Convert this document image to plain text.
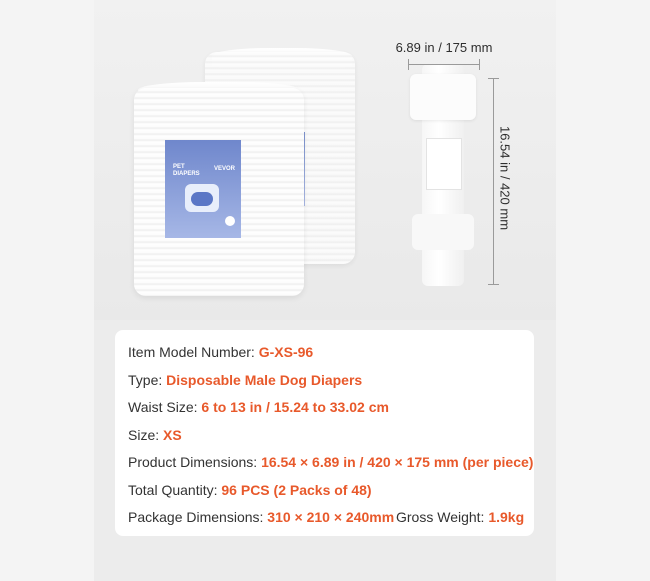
PET
DIAPERS
VEVOR
6.89 in / 175 mm
16.54 in / 420 mm
Item Model Number: G-XS-96
Type: Disposable Male Dog Diapers
Waist Size: 6 to 13 in / 15.24 to 33.02 cm
Size: XS
Product Dimensions: 16.54 × 6.89 in / 420 × 175 mm (per piece)
Total Quantity: 96 PCS (2 Packs of 48)
Package Dimensions: 310 × 210 × 240mm Gross Weight: 1.9kg
